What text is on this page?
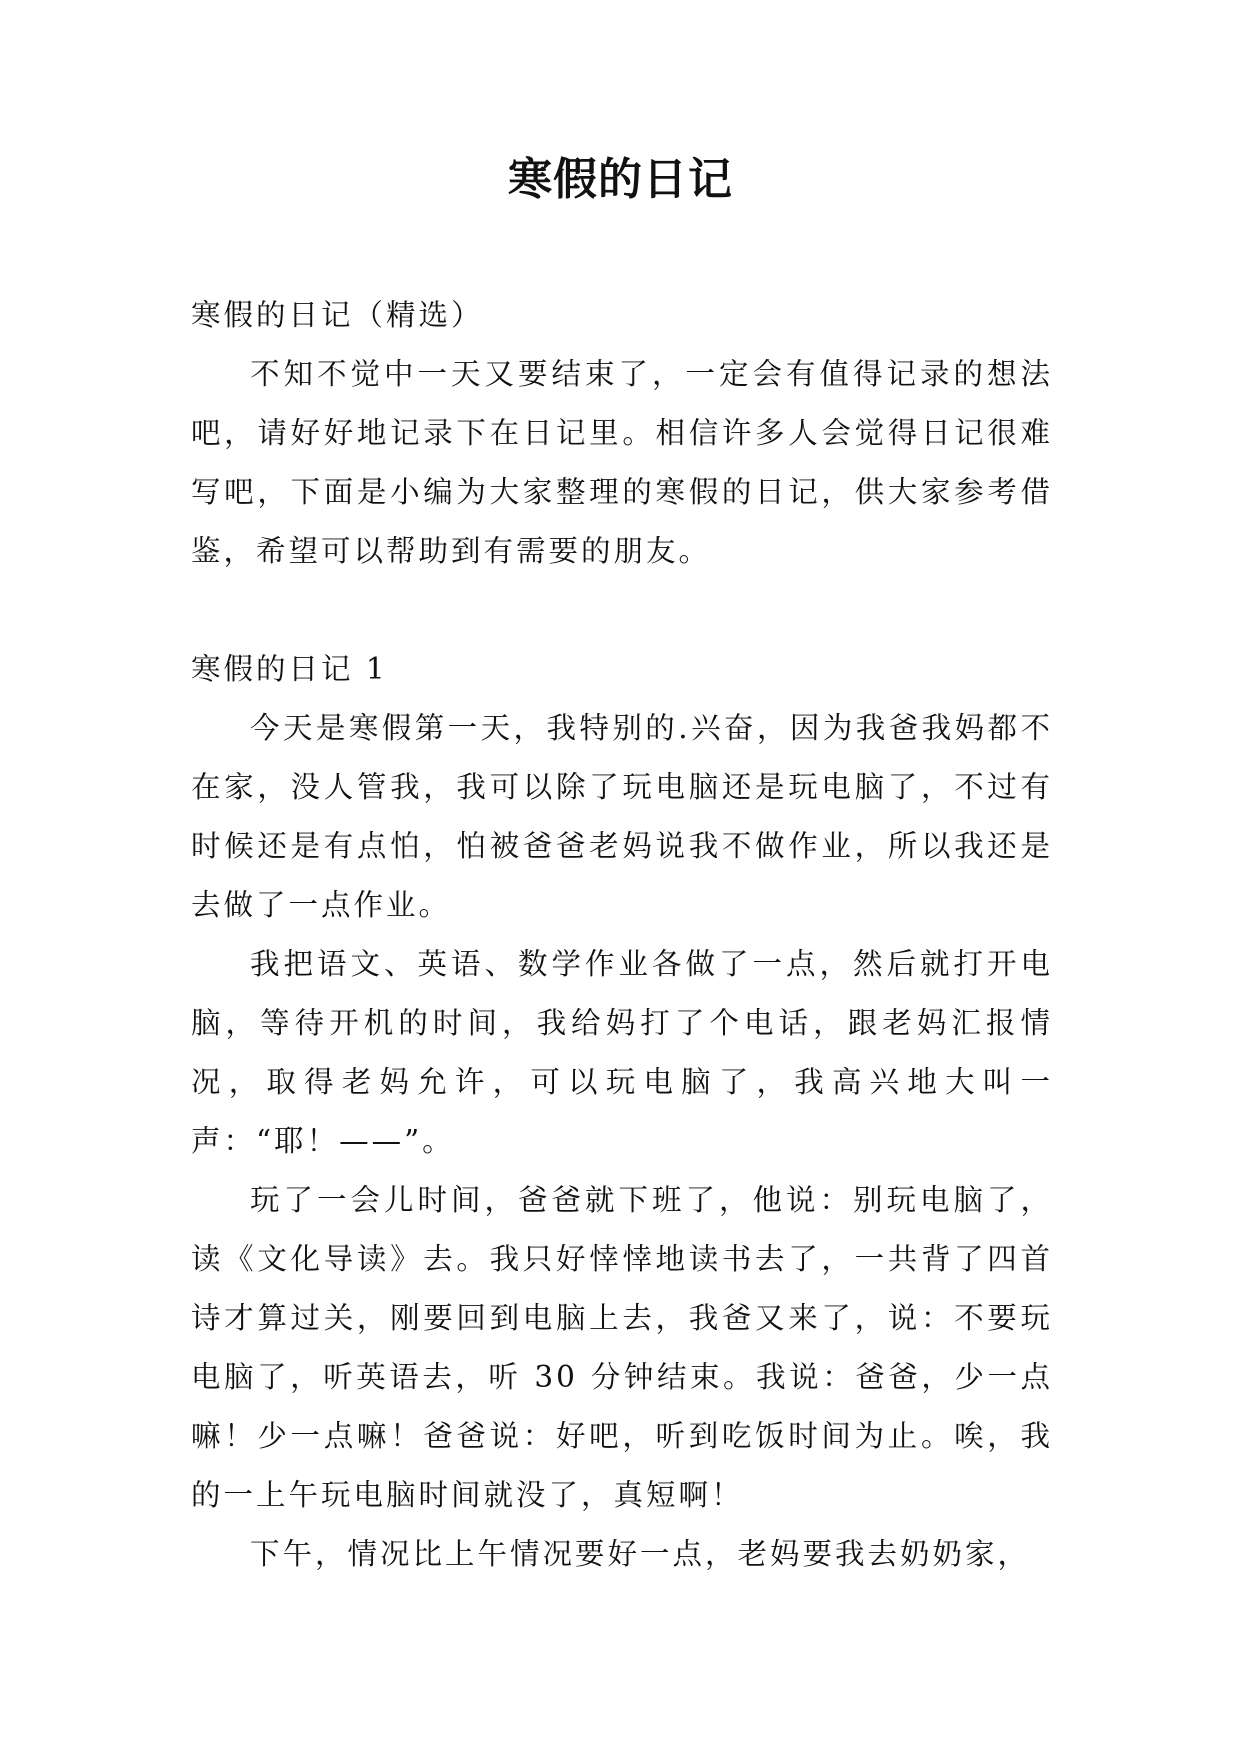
寒假的日记

寒假的日记（精选）

不知不觉中一天又要结束了，一定会有值得记录的想法吧，请好好地记录下在日记里。相信许多人会觉得日记很难写吧，下面是小编为大家整理的寒假的日记，供大家参考借鉴，希望可以帮助到有需要的朋友。

寒假的日记 1

今天是寒假第一天，我特别的.兴奋，因为我爸我妈都不在家，没人管我，我可以除了玩电脑还是玩电脑了，不过有时候还是有点怕，怕被爸爸老妈说我不做作业，所以我还是去做了一点作业。

我把语文、英语、数学作业各做了一点，然后就打开电脑，等待开机的时间，我给妈打了个电话，跟老妈汇报情况，取得老妈允许，可以玩电脑了，我高兴地大叫一声：“耶！——”。

玩了一会儿时间，爸爸就下班了，他说：别玩电脑了，读《文化导读》去。我只好悻悻地读书去了，一共背了四首诗才算过关，刚要回到电脑上去，我爸又来了，说：不要玩电脑了，听英语去，听 30 分钟结束。我说：爸爸，少一点嘛！少一点嘛！爸爸说：好吧，听到吃饭时间为止。唉，我的一上午玩电脑时间就没了，真短啊！

下午，情况比上午情况要好一点，老妈要我去奶奶家，
